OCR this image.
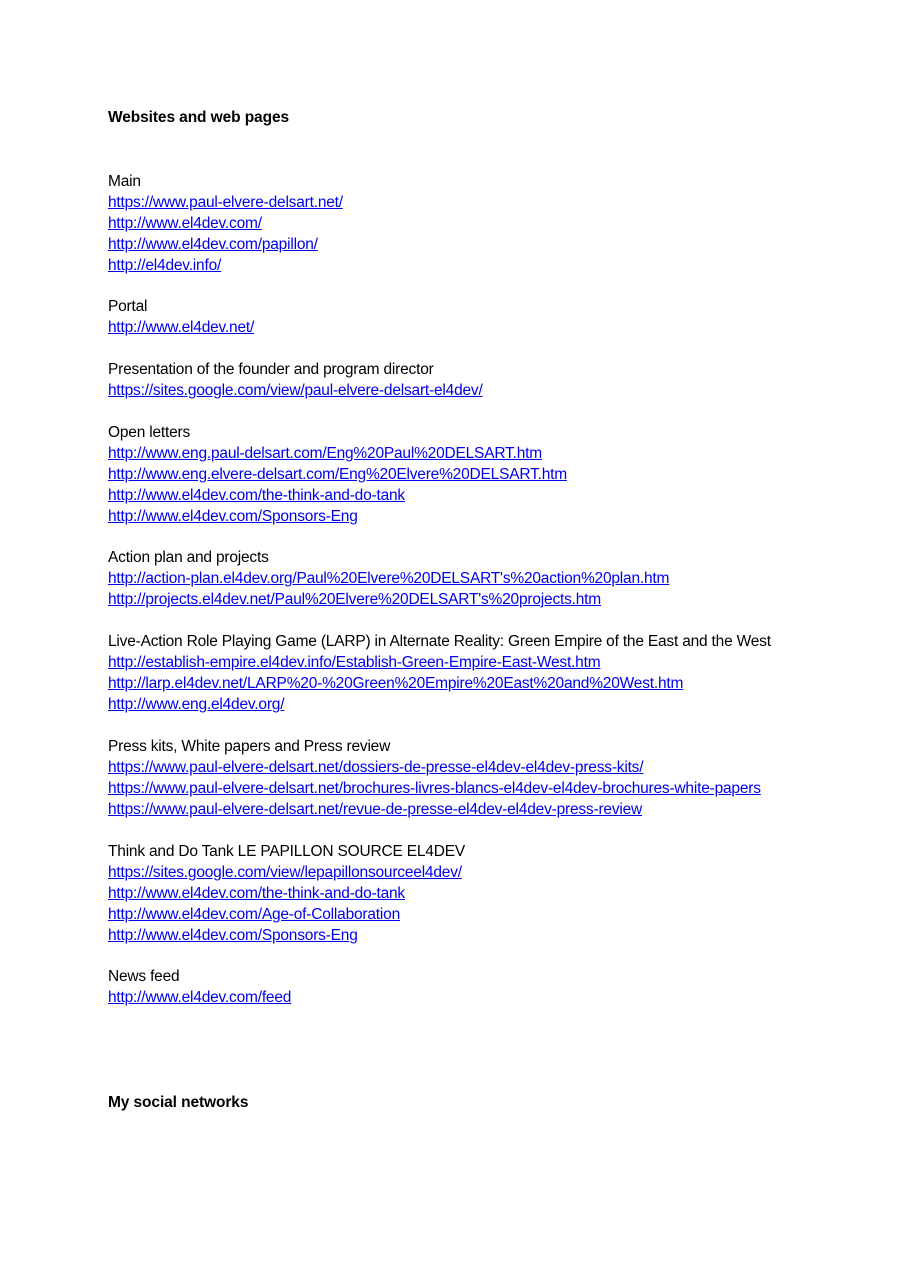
Websites and web pages
Main
https://www.paul-elvere-delsart.net/
http://www.el4dev.com/
http://www.el4dev.com/papillon/
http://el4dev.info/
Portal
http://www.el4dev.net/
Presentation of the founder and program director
https://sites.google.com/view/paul-elvere-delsart-el4dev/
Open letters
http://www.eng.paul-delsart.com/Eng%20Paul%20DELSART.htm
http://www.eng.elvere-delsart.com/Eng%20Elvere%20DELSART.htm
http://www.el4dev.com/the-think-and-do-tank
http://www.el4dev.com/Sponsors-Eng
Action plan and projects
http://action-plan.el4dev.org/Paul%20Elvere%20DELSART's%20action%20plan.htm
http://projects.el4dev.net/Paul%20Elvere%20DELSART's%20projects.htm
Live-Action Role Playing Game (LARP) in Alternate Reality: Green Empire of the East and the West
http://establish-empire.el4dev.info/Establish-Green-Empire-East-West.htm
http://larp.el4dev.net/LARP%20-%20Green%20Empire%20East%20and%20West.htm
http://www.eng.el4dev.org/
Press kits, White papers and Press review
https://www.paul-elvere-delsart.net/dossiers-de-presse-el4dev-el4dev-press-kits/
https://www.paul-elvere-delsart.net/brochures-livres-blancs-el4dev-el4dev-brochures-white-papers
https://www.paul-elvere-delsart.net/revue-de-presse-el4dev-el4dev-press-review
Think and Do Tank LE PAPILLON SOURCE EL4DEV
https://sites.google.com/view/lepapillonsourceel4dev/
http://www.el4dev.com/the-think-and-do-tank
http://www.el4dev.com/Age-of-Collaboration
http://www.el4dev.com/Sponsors-Eng
News feed
http://www.el4dev.com/feed
My social networks
